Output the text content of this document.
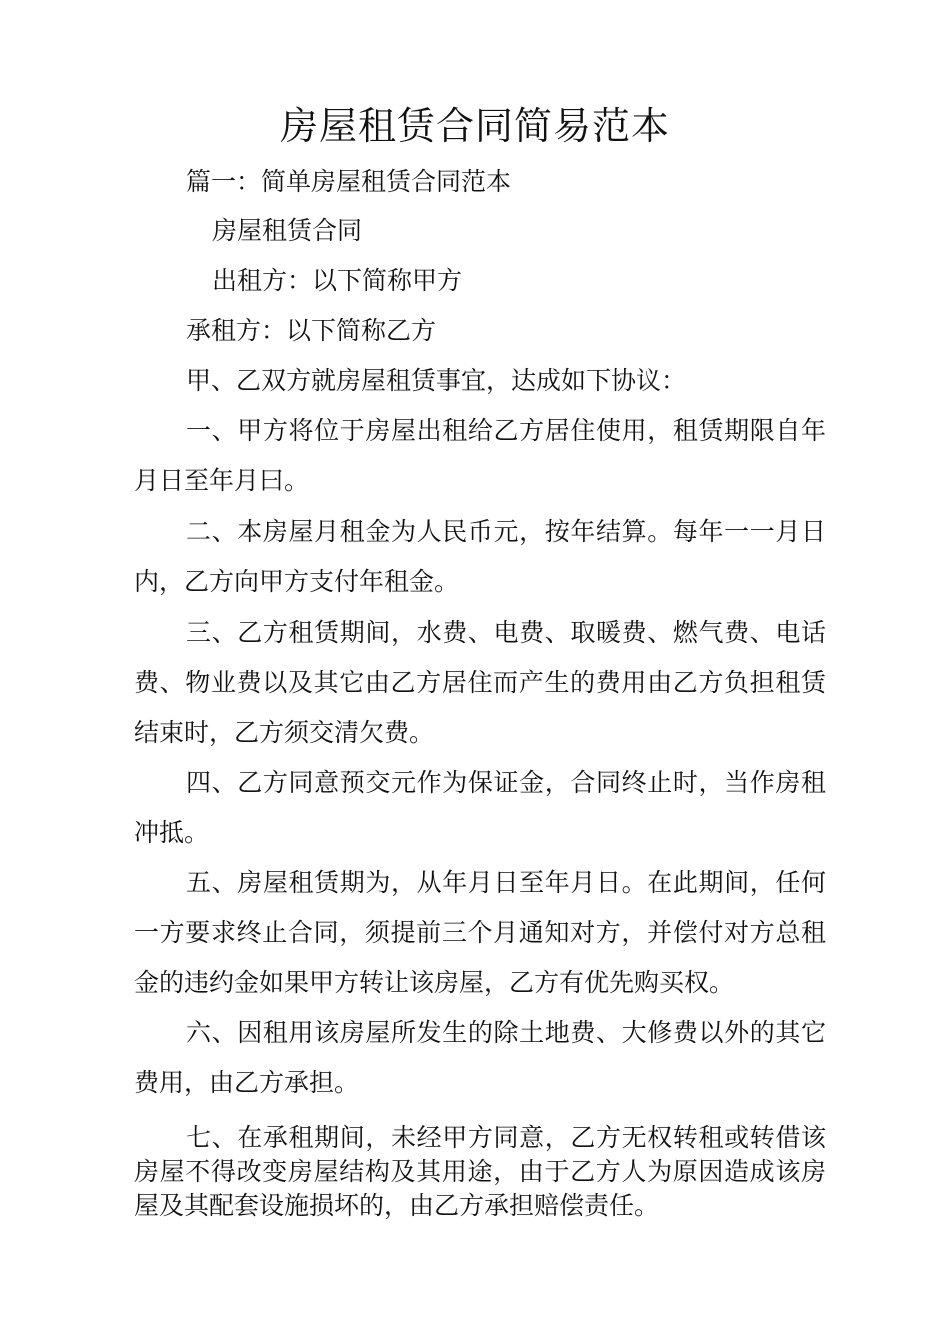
房屋租赁合同简易范本
篇一：简单房屋租赁合同范本
房屋租赁合同
出租方：以下简称甲方
承租方：以下简称乙方
甲、乙双方就房屋租赁事宜，达成如下协议：
一、甲方将位于房屋出租给乙方居住使用，租赁期限自年月日至年月曰。
二、本房屋月租金为人民币元，按年结算。每年一一月日内，乙方向甲方支付年租金。
三、乙方租赁期间，水费、电费、取暖费、燃气费、电话费、物业费以及其它由乙方居住而产生的费用由乙方负担租赁结束时，乙方须交清欠费。
四、乙方同意预交元作为保证金，合同终止时，当作房租冲抵。
五、房屋租赁期为，从年月日至年月日。在此期间，任何一方要求终止合同，须提前三个月通知对方，并偿付对方总租金的违约金如果甲方转让该房屋，乙方有优先购买权。
六、因租用该房屋所发生的除土地费、大修费以外的其它费用，由乙方承担。
七、在承租期间，未经甲方同意，乙方无权转租或转借该房屋不得改变房屋结构及其用途，由于乙方人为原因造成该房屋及其配套设施损坏的，由乙方承担赔偿责任。
